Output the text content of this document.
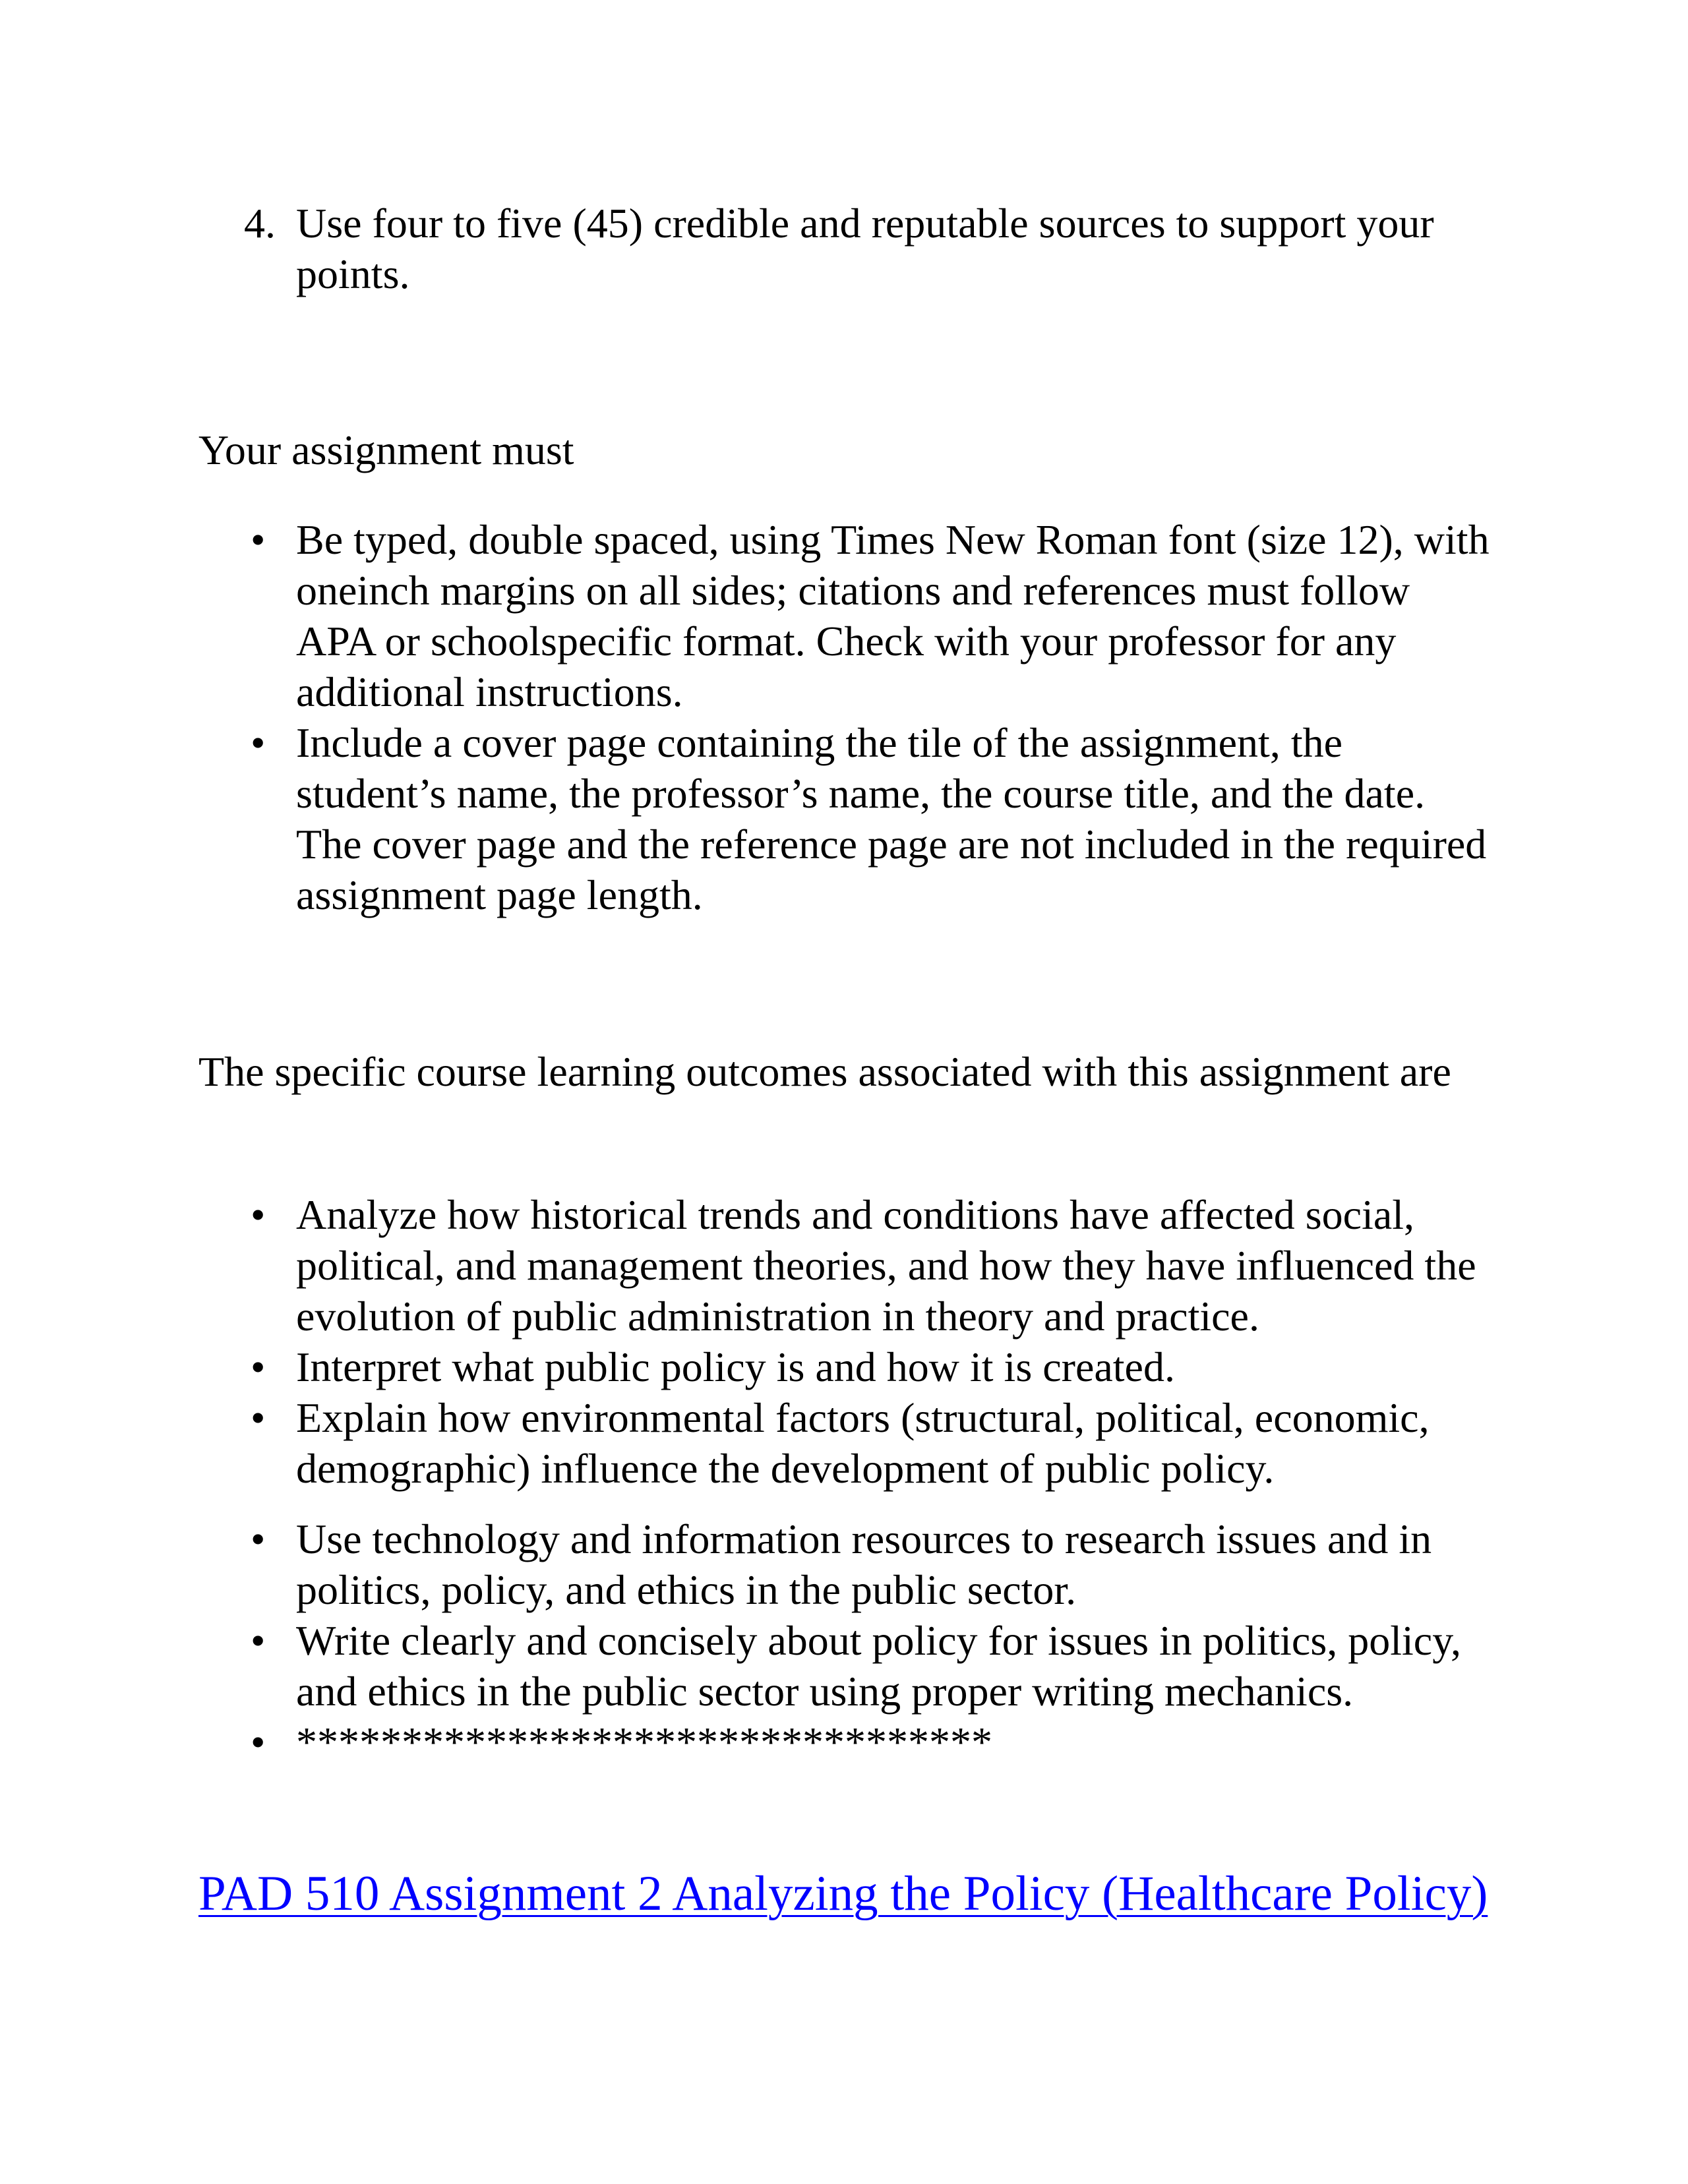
4. Use four to five (45) credible and reputable sources to support your points.
Your assignment must
• Be typed, double spaced, using Times New Roman font (size 12), with oneinch margins on all sides; citations and references must follow APA or schoolspecific format. Check with your professor for any additional instructions.
• Include a cover page containing the tile of the assignment, the student’s name, the professor’s name, the course title, and the date. The cover page and the reference page are not included in the required assignment page length.
The specific course learning outcomes associated with this assignment are
• Analyze how historical trends and conditions have affected social, political, and management theories, and how they have influenced the evolution of public administration in theory and practice.
• Interpret what public policy is and how it is created.
• Explain how environmental factors (structural, political, economic, demographic) influence the development of public policy.
• Use technology and information resources to research issues and in politics, policy, and ethics in the public sector.
• Write clearly and concisely about policy for issues in politics, policy, and ethics in the public sector using proper writing mechanics.
• *********************************
PAD 510 Assignment 2 Analyzing the Policy (Healthcare Policy)
